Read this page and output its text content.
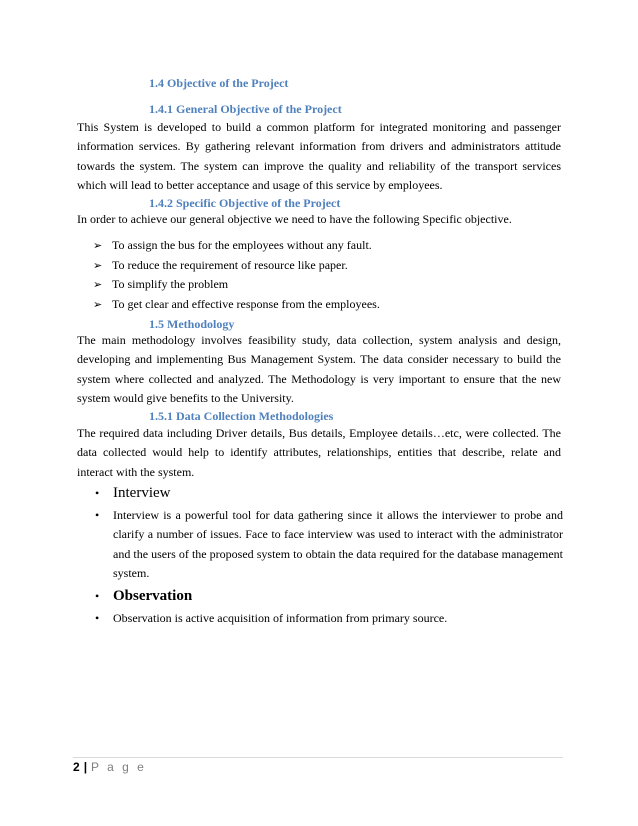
1.4 Objective of the Project
1.4.1 General Objective of the Project

This System is developed to build a common platform for integrated monitoring and passenger information services. By gathering relevant information from drivers and administrators attitude towards the system. The system can improve the quality and reliability of the transport services which will lead to better acceptance and usage of this service by employees.

1.4.2 Specific Objective of the Project

In order to achieve our general objective we need to have the following Specific objective.

➢ To assign the bus for the employees without any fault.
➢ To reduce the requirement of resource like paper.
➢ To simplify the problem
➢ To get clear and effective response from the employees.
1.5 Methodology

The main methodology involves feasibility study, data collection, system analysis and design, developing and implementing Bus Management System. The data consider necessary to build the system where collected and analyzed. The Methodology is very important to ensure that the new system would give benefits to the University.

1.5.1 Data Collection Methodologies

The required data including Driver details, Bus details, Employee details…etc, were collected. The data collected would help to identify attributes, relationships, entities that describe, relate and interact with the system.

• Interview
• Interview is a powerful tool for data gathering since it allows the interviewer to probe and clarify a number of issues. Face to face interview was used to interact with the administrator and the users of the proposed system to obtain the data required for the database management system.
• Observation
• Observation is active acquisition of information from primary source.
2 | P a g e
